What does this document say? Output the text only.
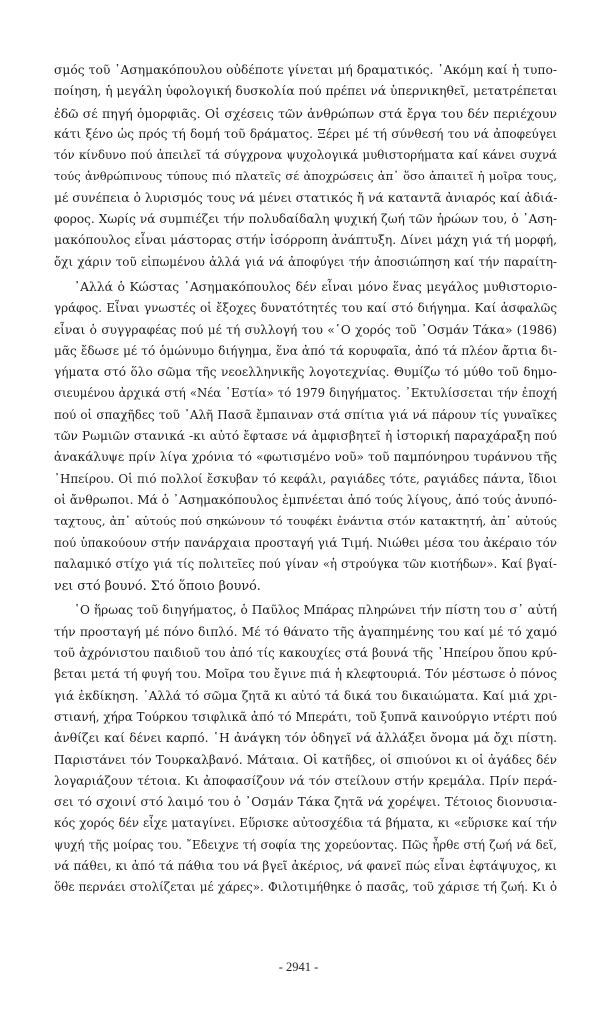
σμός τοῦ ᾿Ασημακόπουλου οὐδέποτε γίνεται μή δραματικός. ᾿Ακόμη καί ἡ τυπο-
ποίηση, ἡ μεγάλη ὑφολογική δυσκολία πού πρέπει νά ὑπερνικηθεῖ, μετατρέπεται
ἐδῶ σέ πηγή ὀμορφιᾶς. Οἱ σχέσεις τῶν ἀνθρώπων στά ἔργα του δέν περιέχουν
κάτι ξένο ὡς πρός τή δομή τοῦ δράματος. Ξέρει μέ τή σύνθεσή του νά ἀποφεύγει
τόν κίνδυνο πού ἀπειλεῖ τά σύγχρονα ψυχολογικά μυθιστορήματα καί κάνει συχνά
τούς ἀνθρώπινους τύπους πιό πλατεῖς σέ ἀποχρώσεις ἀπ᾿ ὅσο ἀπαιτεῖ ἡ μοῖρα τους,
μέ συνέπεια ὁ λυρισμός τους νά μένει στατικός ἤ νά καταντᾶ ἀνιαρός καί ἀδιά-
φορος. Χωρίς νά συμπιέζει τήν πολυδαίδαλη ψυχική ζωή τῶν ἡρώων του, ὁ ᾿Αση-
μακόπουλος εἶναι μάστορας στήν ἰσόρροπη ἀνάπτυξη. Δίνει μάχη γιά τή μορφή,
ὄχι χάριν τοῦ εἰπωμένου ἀλλά γιά νά ἀποφύγει τήν ἀποσιώπηση καί τήν παραίτη-

᾿Αλλά ὁ Κώστας ᾿Ασημακόπουλος δέν εἶναι μόνο ἕνας μεγάλος μυθιστοριο-
γράφος. Εἶναι γνωστές οἱ ἔξοχες δυνατότητές του καί στό διήγημα. Καί ἀσφαλῶς
εἶναι ὁ συγγραφέας πού μέ τή συλλογή του «῾Ο χορός τοῦ ᾿Οσμάν Τάκα» (1986)
μᾶς ἔδωσε μέ τό ὁμώνυμο διήγημα, ἕνα ἀπό τά κορυφαῖα, ἀπό τά πλέον ἄρτια δι-
γήματα στό ὅλο σῶμα τῆς νεοελληνικῆς λογοτεχνίας. Θυμίζω τό μύθο τοῦ δημο-
σιευμένου ἀρχικά στή «Νέα ῾Εστία» τό 1979 διηγήματος. ᾿Εκτυλίσσεται τήν ἐποχή
πού οἱ σπαχῆδες τοῦ ᾿Αλῆ Πασᾶ ἔμπαιναν στά σπίτια γιά νά πάρουν τίς γυναῖκες
τῶν Ρωμιῶν στανικά -κι αὐτό ἔφτασε νά ἀμφισβητεῖ ἡ ἱστορική παραχάραξη πού
ἀνακάλυψε πρίν λίγα χρόνια τό «φωτισμένο νοῦ» τοῦ παμπόνηρου τυράννου τῆς
᾿Ηπείρου. Οἱ πιό πολλοί ἔσκυβαν τό κεφάλι, ραγιάδες τότε, ραγιάδες πάντα, ἴδιοι
οἱ ἄνθρωποι. Μά ὁ ᾿Ασημακόπουλος ἐμπνέεται ἀπό τούς λίγους, ἀπό τούς ἀνυπό-
ταχτους, ἀπ᾿ αὐτούς πού σηκώνουν τό τουφέκι ἐνάντια στόν κατακτητή, ἀπ᾿ αὐτούς
πού ὑπακούουν στήν πανάρχαια προσταγή γιά Τιμή. Νιώθει μέσα του ἀκέραιο τόν
παλαμικό στίχο γιά τίς πολιτεῖες πού γίναν «ἡ στρούγκα τῶν κιοτήδων». Καί βγαί-
νει στό βουνό. Στό ὅποιο βουνό.

῾Ο ἥρωας τοῦ διηγήματος, ὁ Παῦλος Μπάρας πληρώνει τήν πίστη του σ᾿ αὐτή
τήν προσταγή μέ πόνο διπλό. Μέ τό θάνατο τῆς ἀγαπημένης του καί μέ τό χαμό
τοῦ ἀχρόνιστου παιδιοῦ του ἀπό τίς κακουχίες στά βουνά τῆς ᾿Ηπείρου ὅπου κρύ-
βεται μετά τή φυγή του. Μοῖρα του ἔγινε πιά ἡ κλεφτουριά. Τόν μέστωσε ὁ πόνος
γιά ἐκδίκηση. ᾿Αλλά τό σῶμα ζητᾶ κι αὐτό τά δικά του δικαιώματα. Καί μιά χρι-
στιανή, χήρα Τούρκου τσιφλικᾶ ἀπό τό Μπεράτι, τοῦ ξυπνᾶ καινούργιο ντέρτι πού
ἀνθίζει καί δένει καρπό. ῾Η ἀνάγκη τόν ὁδηγεῖ νά ἀλλάξει ὄνομα μά ὄχι πίστη.
Παριστάνει τόν Τουρκαλβανό. Μάταια. Οἱ κατῆδες, οἱ σπιούνοι κι οἱ ἀγάδες δέν
λογαριάζουν τέτοια. Κι ἀποφασίζουν νά τόν στείλουν στήν κρεμάλα. Πρίν περά-
σει τό σχοινί στό λαιμό του ὁ ᾿Οσμάν Τάκα ζητᾶ νά χορέψει. Τέτοιος διονυσια-
κός χορός δέν εἶχε ματαγίνει. Εὕρισκε αὐτοσχέδια τά βήματα, κι «εὕρισκε καί τήν
ψυχή τῆς μοίρας του. ῎Εδειχνε τή σοφία της χορεύοντας. Πῶς ἦρθε στή ζωή νά δεῖ,
νά πάθει, κι ἀπό τά πάθια του νά βγεῖ ἀκέριος, νά φανεῖ πώς εἶναι ἐφτάψυχος, κι
ὅθε περνάει στολίζεται μέ χάρες». Φιλοτιμήθηκε ὁ πασᾶς, τοῦ χάρισε τή ζωή. Κι ὁ

- 2941 -
